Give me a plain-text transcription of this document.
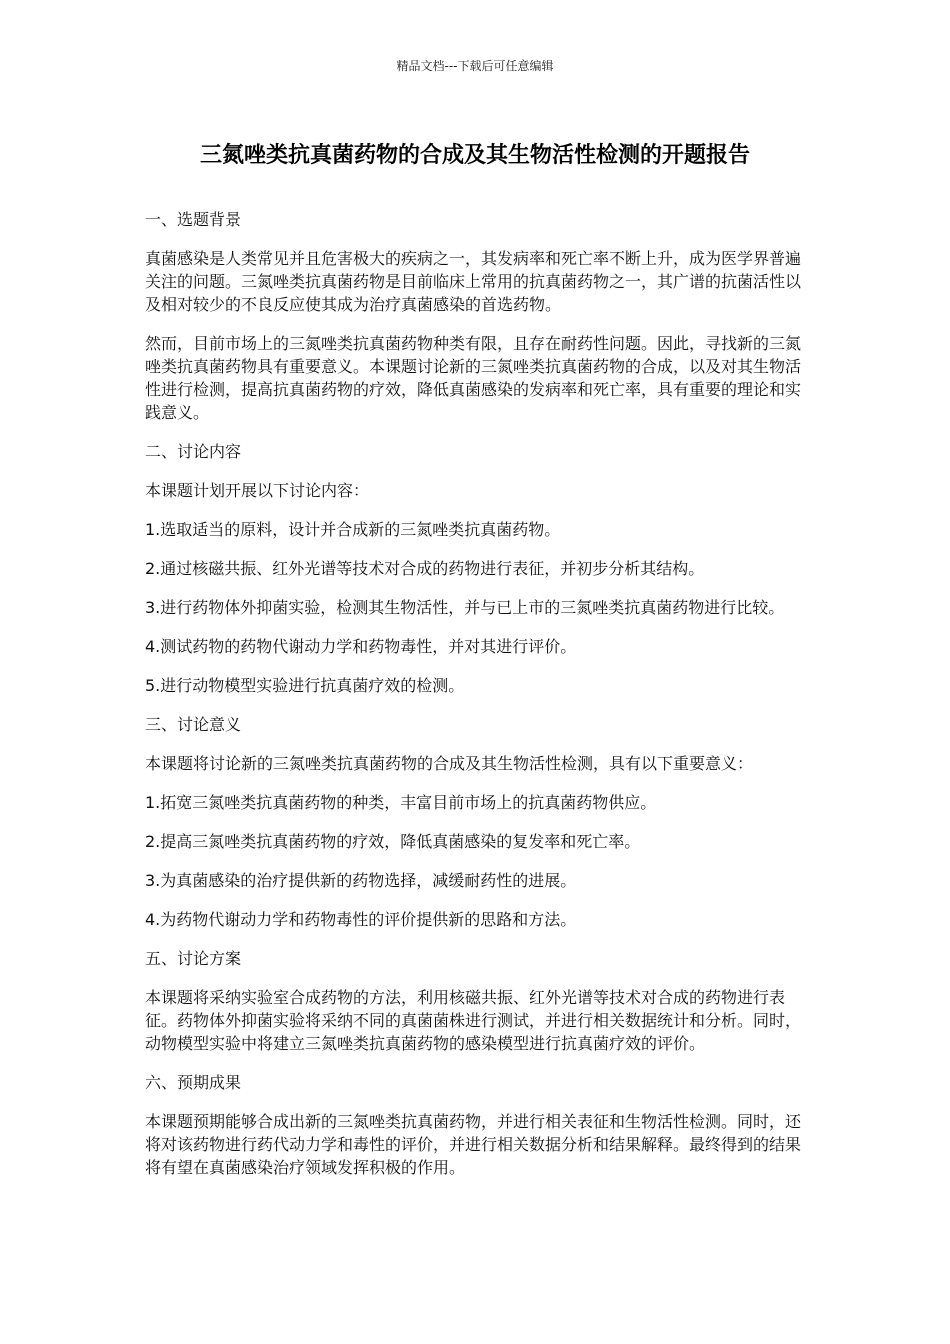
精品文档---下载后可任意编辑
三氮唑类抗真菌药物的合成及其生物活性检测的开题报告

一、选题背景

真菌感染是人类常见并且危害极大的疾病之一，其发病率和死亡率不断上升，成为医学界普遍关注的问题。三氮唑类抗真菌药物是目前临床上常用的抗真菌药物之一，其广谱的抗菌活性以及相对较少的不良反应使其成为治疗真菌感染的首选药物。

然而，目前市场上的三氮唑类抗真菌药物种类有限，且存在耐药性问题。因此，寻找新的三氮唑类抗真菌药物具有重要意义。本课题讨论新的三氮唑类抗真菌药物的合成，以及对其生物活性进行检测，提高抗真菌药物的疗效，降低真菌感染的发病率和死亡率，具有重要的理论和实践意义。

二、讨论内容

本课题计划开展以下讨论内容：

1.选取适当的原料，设计并合成新的三氮唑类抗真菌药物。

2.通过核磁共振、红外光谱等技术对合成的药物进行表征，并初步分析其结构。

3.进行药物体外抑菌实验，检测其生物活性，并与已上市的三氮唑类抗真菌药物进行比较。

4.测试药物的药物代谢动力学和药物毒性，并对其进行评价。

5.进行动物模型实验进行抗真菌疗效的检测。

三、讨论意义

本课题将讨论新的三氮唑类抗真菌药物的合成及其生物活性检测，具有以下重要意义：

1.拓宽三氮唑类抗真菌药物的种类，丰富目前市场上的抗真菌药物供应。

2.提高三氮唑类抗真菌药物的疗效，降低真菌感染的复发率和死亡率。

3.为真菌感染的治疗提供新的药物选择，减缓耐药性的进展。

4.为药物代谢动力学和药物毒性的评价提供新的思路和方法。

五、讨论方案

本课题将采纳实验室合成药物的方法，利用核磁共振、红外光谱等技术对合成的药物进行表征。药物体外抑菌实验将采纳不同的真菌菌株进行测试，并进行相关数据统计和分析。同时，动物模型实验中将建立三氮唑类抗真菌药物的感染模型进行抗真菌疗效的评价。

六、预期成果

本课题预期能够合成出新的三氮唑类抗真菌药物，并进行相关表征和生物活性检测。同时，还将对该药物进行药代动力学和毒性的评价，并进行相关数据分析和结果解释。最终得到的结果将有望在真菌感染治疗领域发挥积极的作用。
